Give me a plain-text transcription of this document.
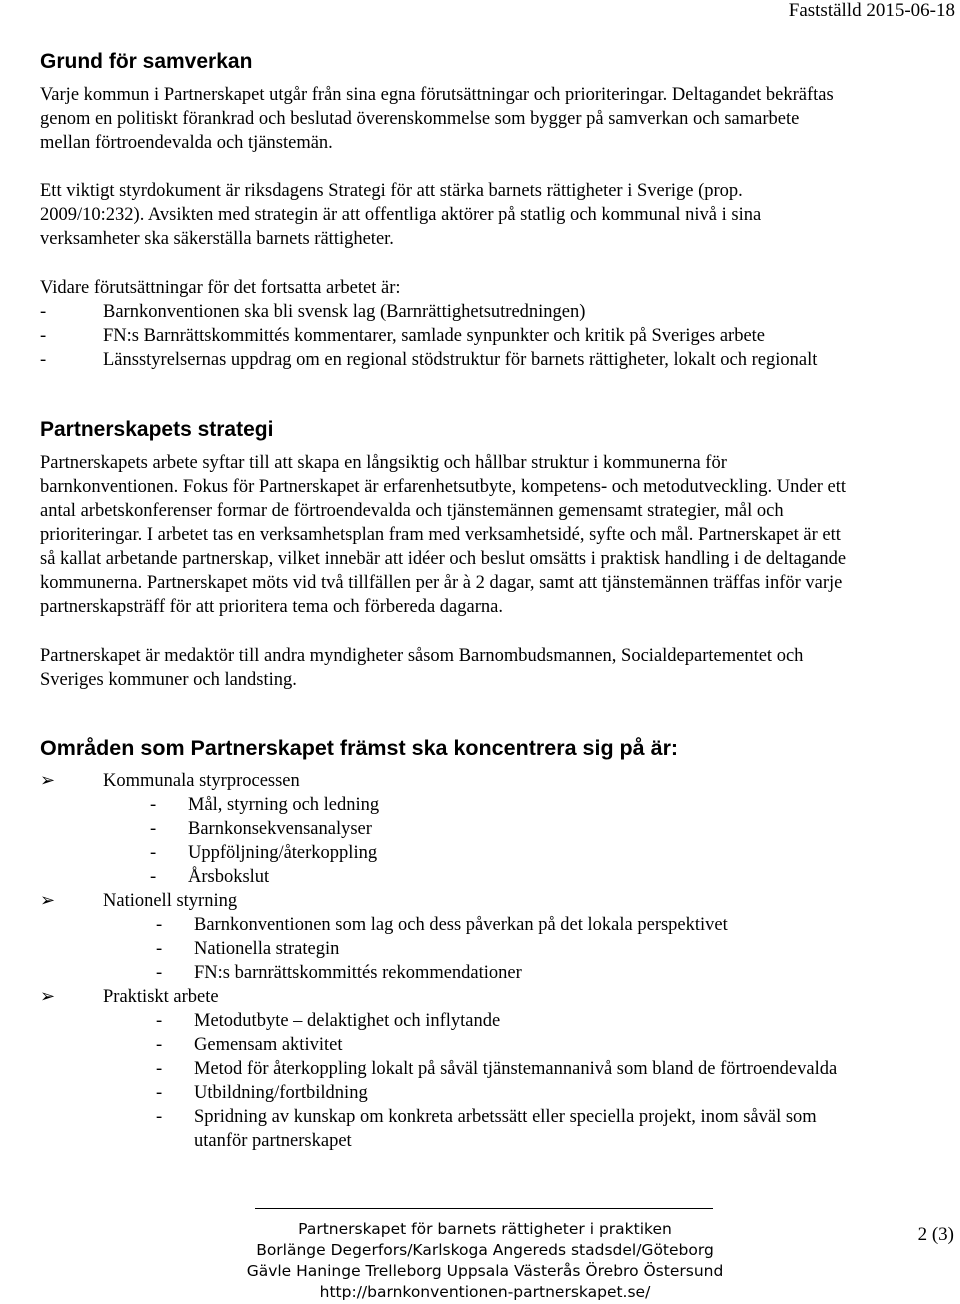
Fastställd 2015-06-18
Grund för samverkan
Varje kommun i Partnerskapet utgår från sina egna förutsättningar och prioriteringar. Deltagandet bekräftas
genom en politiskt förankrad och beslutad överenskommelse som bygger på samverkan och samarbete
mellan förtroendevalda och tjänstemän.
Ett viktigt styrdokument är riksdagens Strategi för att stärka barnets rättigheter i Sverige (prop.
2009/10:232). Avsikten med strategin är att offentliga aktörer på statlig och kommunal nivå i sina
verksamheter ska säkerställa barnets rättigheter.
Vidare förutsättningar för det fortsatta arbetet är:
-	Barnkonventionen ska bli svensk lag (Barnrättighetsutredningen)
-	FN:s Barnrättskommittés kommentarer, samlade synpunkter och kritik på Sveriges arbete
-	Länsstyrelsernas uppdrag om en regional stödstruktur för barnets rättigheter, lokalt och regionalt
Partnerskapets strategi
Partnerskapets arbete syftar till att skapa en långsiktig och hållbar struktur i kommunerna för
barnkonventionen. Fokus för Partnerskapet är erfarenhetsutbyte, kompetens- och metodutveckling. Under ett
antal arbetskonferenser formar de förtroendevalda och tjänstemännen gemensamt strategier, mål och
prioriteringar. I arbetet tas en verksamhetsplan fram med verksamhetsidé, syfte och mål. Partnerskapet är ett
så kallat arbetande partnerskap, vilket innebär att idéer och beslut omsätts i praktisk handling i de deltagande
kommunerna. Partnerskapet möts vid två tillfällen per år à 2 dagar, samt att tjänstemännen träffas inför varje
partnerskapsträff för att prioritera tema och förbereda dagarna.
Partnerskapet är medaktör till andra myndigheter såsom Barnombudsmannen, Socialdepartementet och
Sveriges kommuner och landsting.
Områden som Partnerskapet främst ska koncentrera sig på är:
➢	Kommunala styrprocessen
-	Mål, styrning och ledning
-	Barnkonsekvensanalyser
-	Uppföljning/återkoppling
-	Årsbokslut
➢	Nationell styrning
-	Barnkonventionen som lag och dess påverkan på det lokala perspektivet
-	Nationella strategin
-	FN:s barnrättskommittés rekommendationer
➢	Praktiskt arbete
-	Metodutbyte – delaktighet och inflytande
-	Gemensam aktivitet
-	Metod för återkoppling lokalt på såväl tjänstemannanivå som bland de förtroendevalda
-	Utbildning/fortbildning
-	Spridning av kunskap om konkreta arbetssätt eller speciella projekt, inom såväl som
utanför partnerskapet
Partnerskapet för barnets rättigheter i praktiken
Borlänge Degerfors/Karlskoga Angereds stadsdel/Göteborg
Gävle Haninge Trelleborg Uppsala Västerås Örebro Östersund
http://barnkonventionen-partnerskapet.se/
2 (3)
